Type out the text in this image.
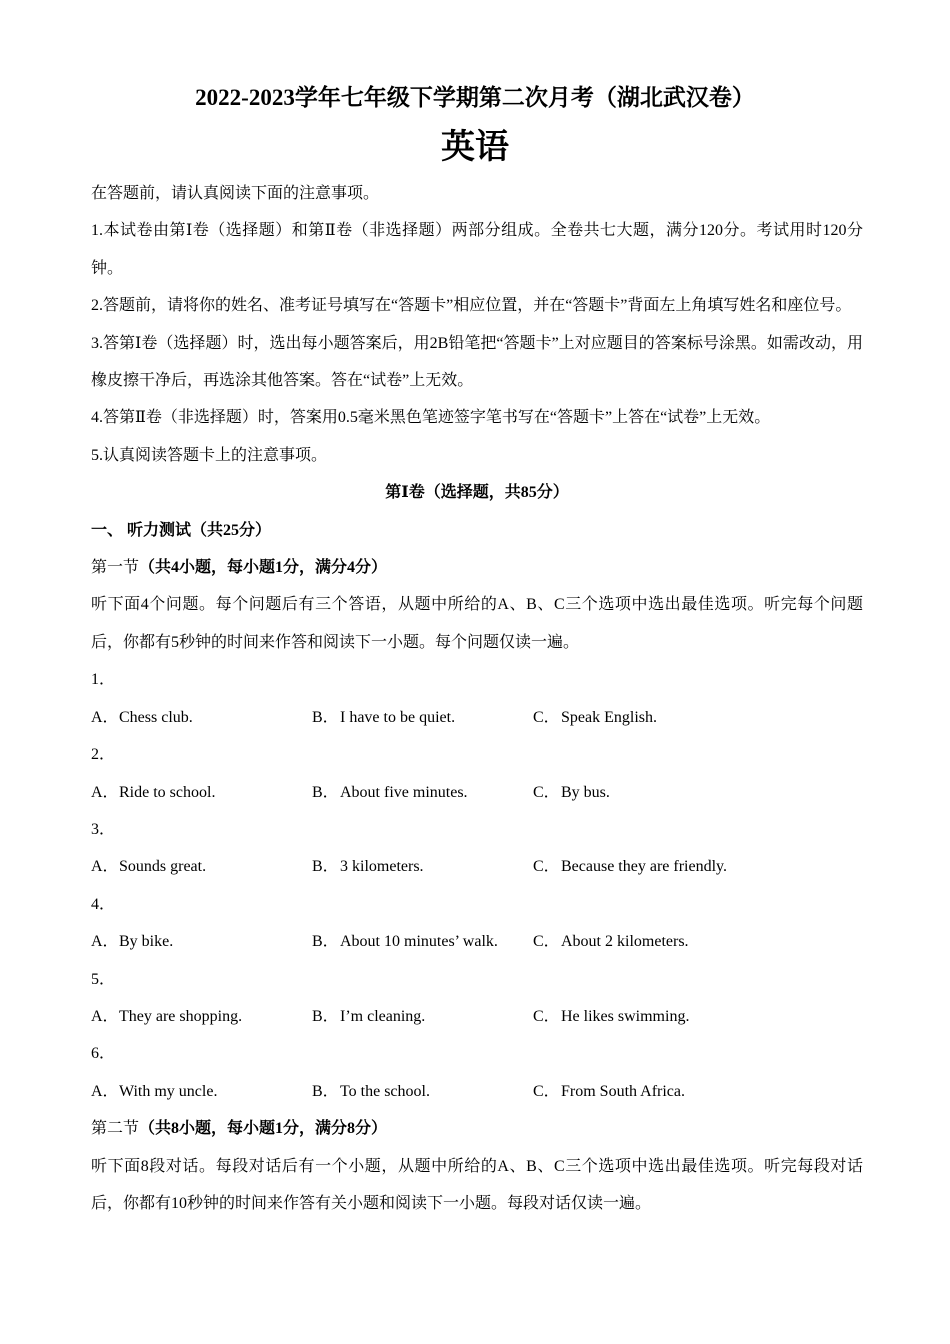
2022-2023学年七年级下学期第二次月考（湖北武汉卷）
英语

在答题前，请认真阅读下面的注意事项。

1.本试卷由第Ⅰ卷（选择题）和第Ⅱ卷（非选择题）两部分组成。全卷共七大题，满分120分。考试用时120分钟。

2.答题前，请将你的姓名、准考证号填写在“答题卡”相应位置，并在“答题卡”背面左上角填写姓名和座位号。

3.答第Ⅰ卷（选择题）时，选出每小题答案后，用2B铅笔把“答题卡”上对应题目的答案标号涂黑。如需改动，用橡皮擦干净后，再选涂其他答案。答在“试卷”上无效。

4.答第Ⅱ卷（非选择题）时，答案用0.5毫米黑色笔迹签字笔书写在“答题卡”上答在“试卷”上无效。

5.认真阅读答题卡上的注意事项。

第Ⅰ卷（选择题，共85分）

一、 听力测试（共25分）

第一节（共4小题，每小题1分，满分4分）

听下面4个问题。每个问题后有三个答语，从题中所给的A、B、C三个选项中选出最佳选项。听完每个问题后，你都有5秒钟的时间来作答和阅读下一小题。每个问题仅读一遍。

1．

A．Chess club.	B．I have to be quiet.	C．Speak English.

2．

A．Ride to school.	B．About five minutes.	C．By bus.

3．

A．Sounds great.	B．3 kilometers.	C．Because they are friendly.

4．

A．By bike.	B．About 10 minutes’ walk.	C．About 2 kilometers.

5．

A．They are shopping.	B．I’m cleaning.	C．He likes swimming.

6．

A．With my uncle.	B．To the school.	C．From South Africa.

第二节（共8小题，每小题1分，满分8分）

听下面8段对话。每段对话后有一个小题，从题中所给的A、B、C三个选项中选出最佳选项。听完每段对话后，你都有10秒钟的时间来作答有关小题和阅读下一小题。每段对话仅读一遍。
